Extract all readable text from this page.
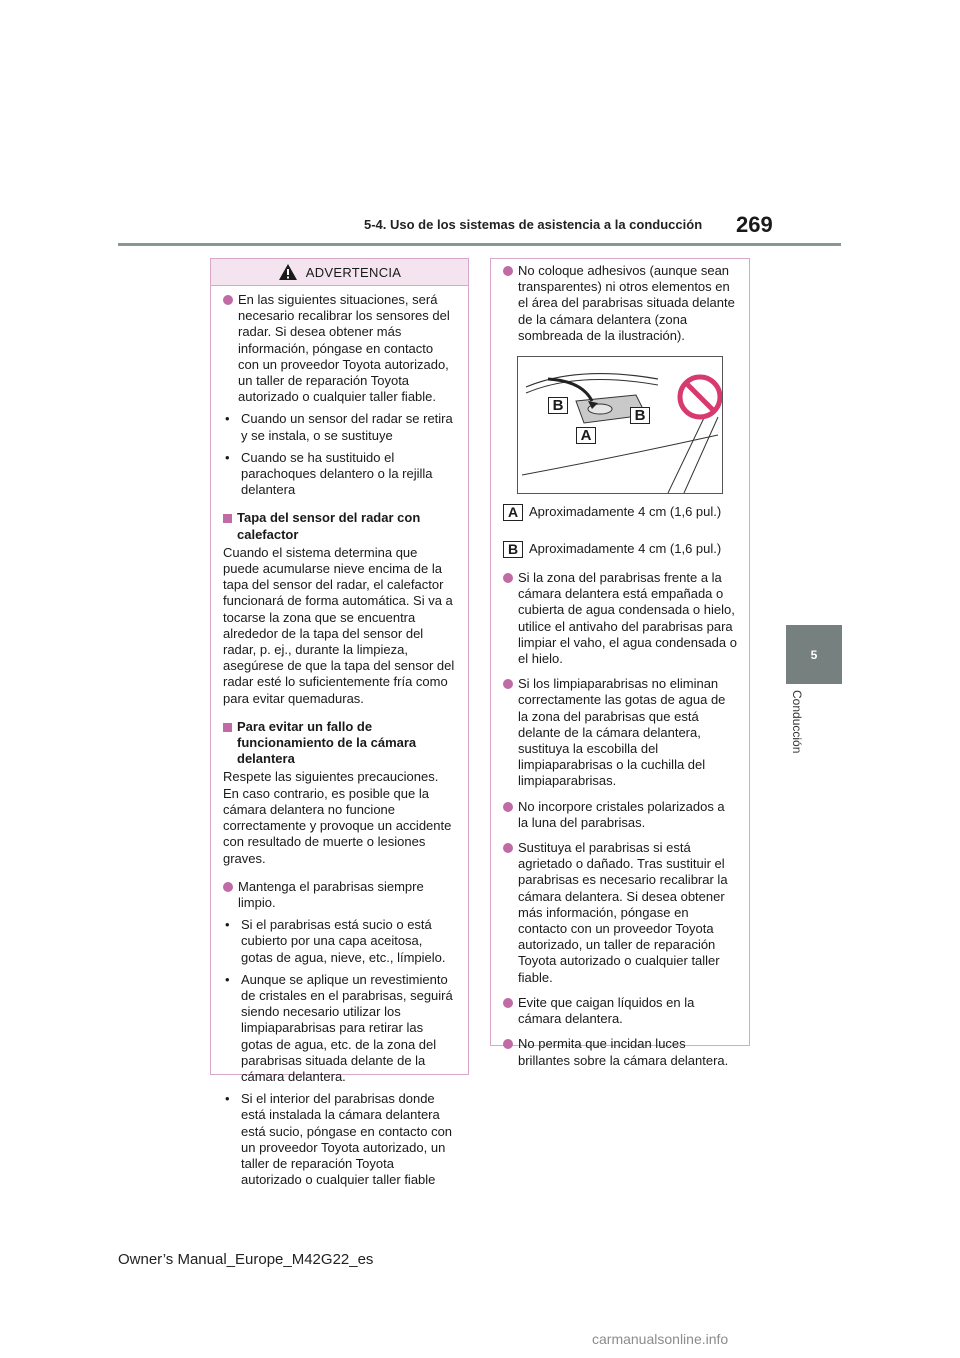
5-4. Uso de los sistemas de asistencia a la conducción 269
5
Conducción
ADVERTENCIA
En las siguientes situaciones, será necesario recalibrar los sensores del radar. Si desea obtener más información, póngase en contacto con un proveedor Toyota autorizado, un taller de reparación Toyota autorizado o cualquier taller fiable.
• Cuando un sensor del radar se retira y se instala, o se sustituye
• Cuando se ha sustituido el parachoques delantero o la rejilla delantera
Tapa del sensor del radar con calefactor
Cuando el sistema determina que puede acumularse nieve encima de la tapa del sensor del radar, el calefactor funcionará de forma automática. Si va a tocarse la zona que se encuentra alrededor de la tapa del sensor del radar, p. ej., durante la limpieza, asegúrese de que la tapa del sensor del radar esté lo suficientemente fría como para evitar quemaduras.
Para evitar un fallo de funcionamiento de la cámara delantera
Respete las siguientes precauciones. En caso contrario, es posible que la cámara delantera no funcione correctamente y provoque un accidente con resultado de muerte o lesiones graves.
Mantenga el parabrisas siempre limpio.
• Si el parabrisas está sucio o está cubierto por una capa aceitosa, gotas de agua, nieve, etc., límpielo.
• Aunque se aplique un revestimiento de cristales en el parabrisas, seguirá siendo necesario utilizar los limpiaparabrisas para retirar las gotas de agua, etc. de la zona del parabrisas situada delante de la cámara delantera.
• Si el interior del parabrisas donde está instalada la cámara delantera está sucio, póngase en contacto con un proveedor Toyota autorizado, un taller de reparación Toyota autorizado o cualquier taller fiable
No coloque adhesivos (aunque sean transparentes) ni otros elementos en el área del parabrisas situada delante de la cámara delantera (zona sombreada de la ilustración).
B
B
A
A Aproximadamente 4 cm (1,6 pul.)
B Aproximadamente 4 cm (1,6 pul.)
Si la zona del parabrisas frente a la cámara delantera está empañada o cubierta de agua condensada o hielo, utilice el antivaho del parabrisas para limpiar el vaho, el agua condensada o el hielo.
Si los limpiaparabrisas no eliminan correctamente las gotas de agua de la zona del parabrisas que está delante de la cámara delantera, sustituya la escobilla del limpiaparabrisas o la cuchilla del limpiaparabrisas.
No incorpore cristales polarizados a la luna del parabrisas.
Sustituya el parabrisas si está agrietado o dañado. Tras sustituir el parabrisas es necesario recalibrar la cámara delantera. Si desea obtener más información, póngase en contacto con un proveedor Toyota autorizado, un taller de reparación Toyota autorizado o cualquier taller fiable.
Evite que caigan líquidos en la cámara delantera.
No permita que incidan luces brillantes sobre la cámara delantera.
Owner’s Manual_Europe_M42G22_es
carmanualsonline.info
